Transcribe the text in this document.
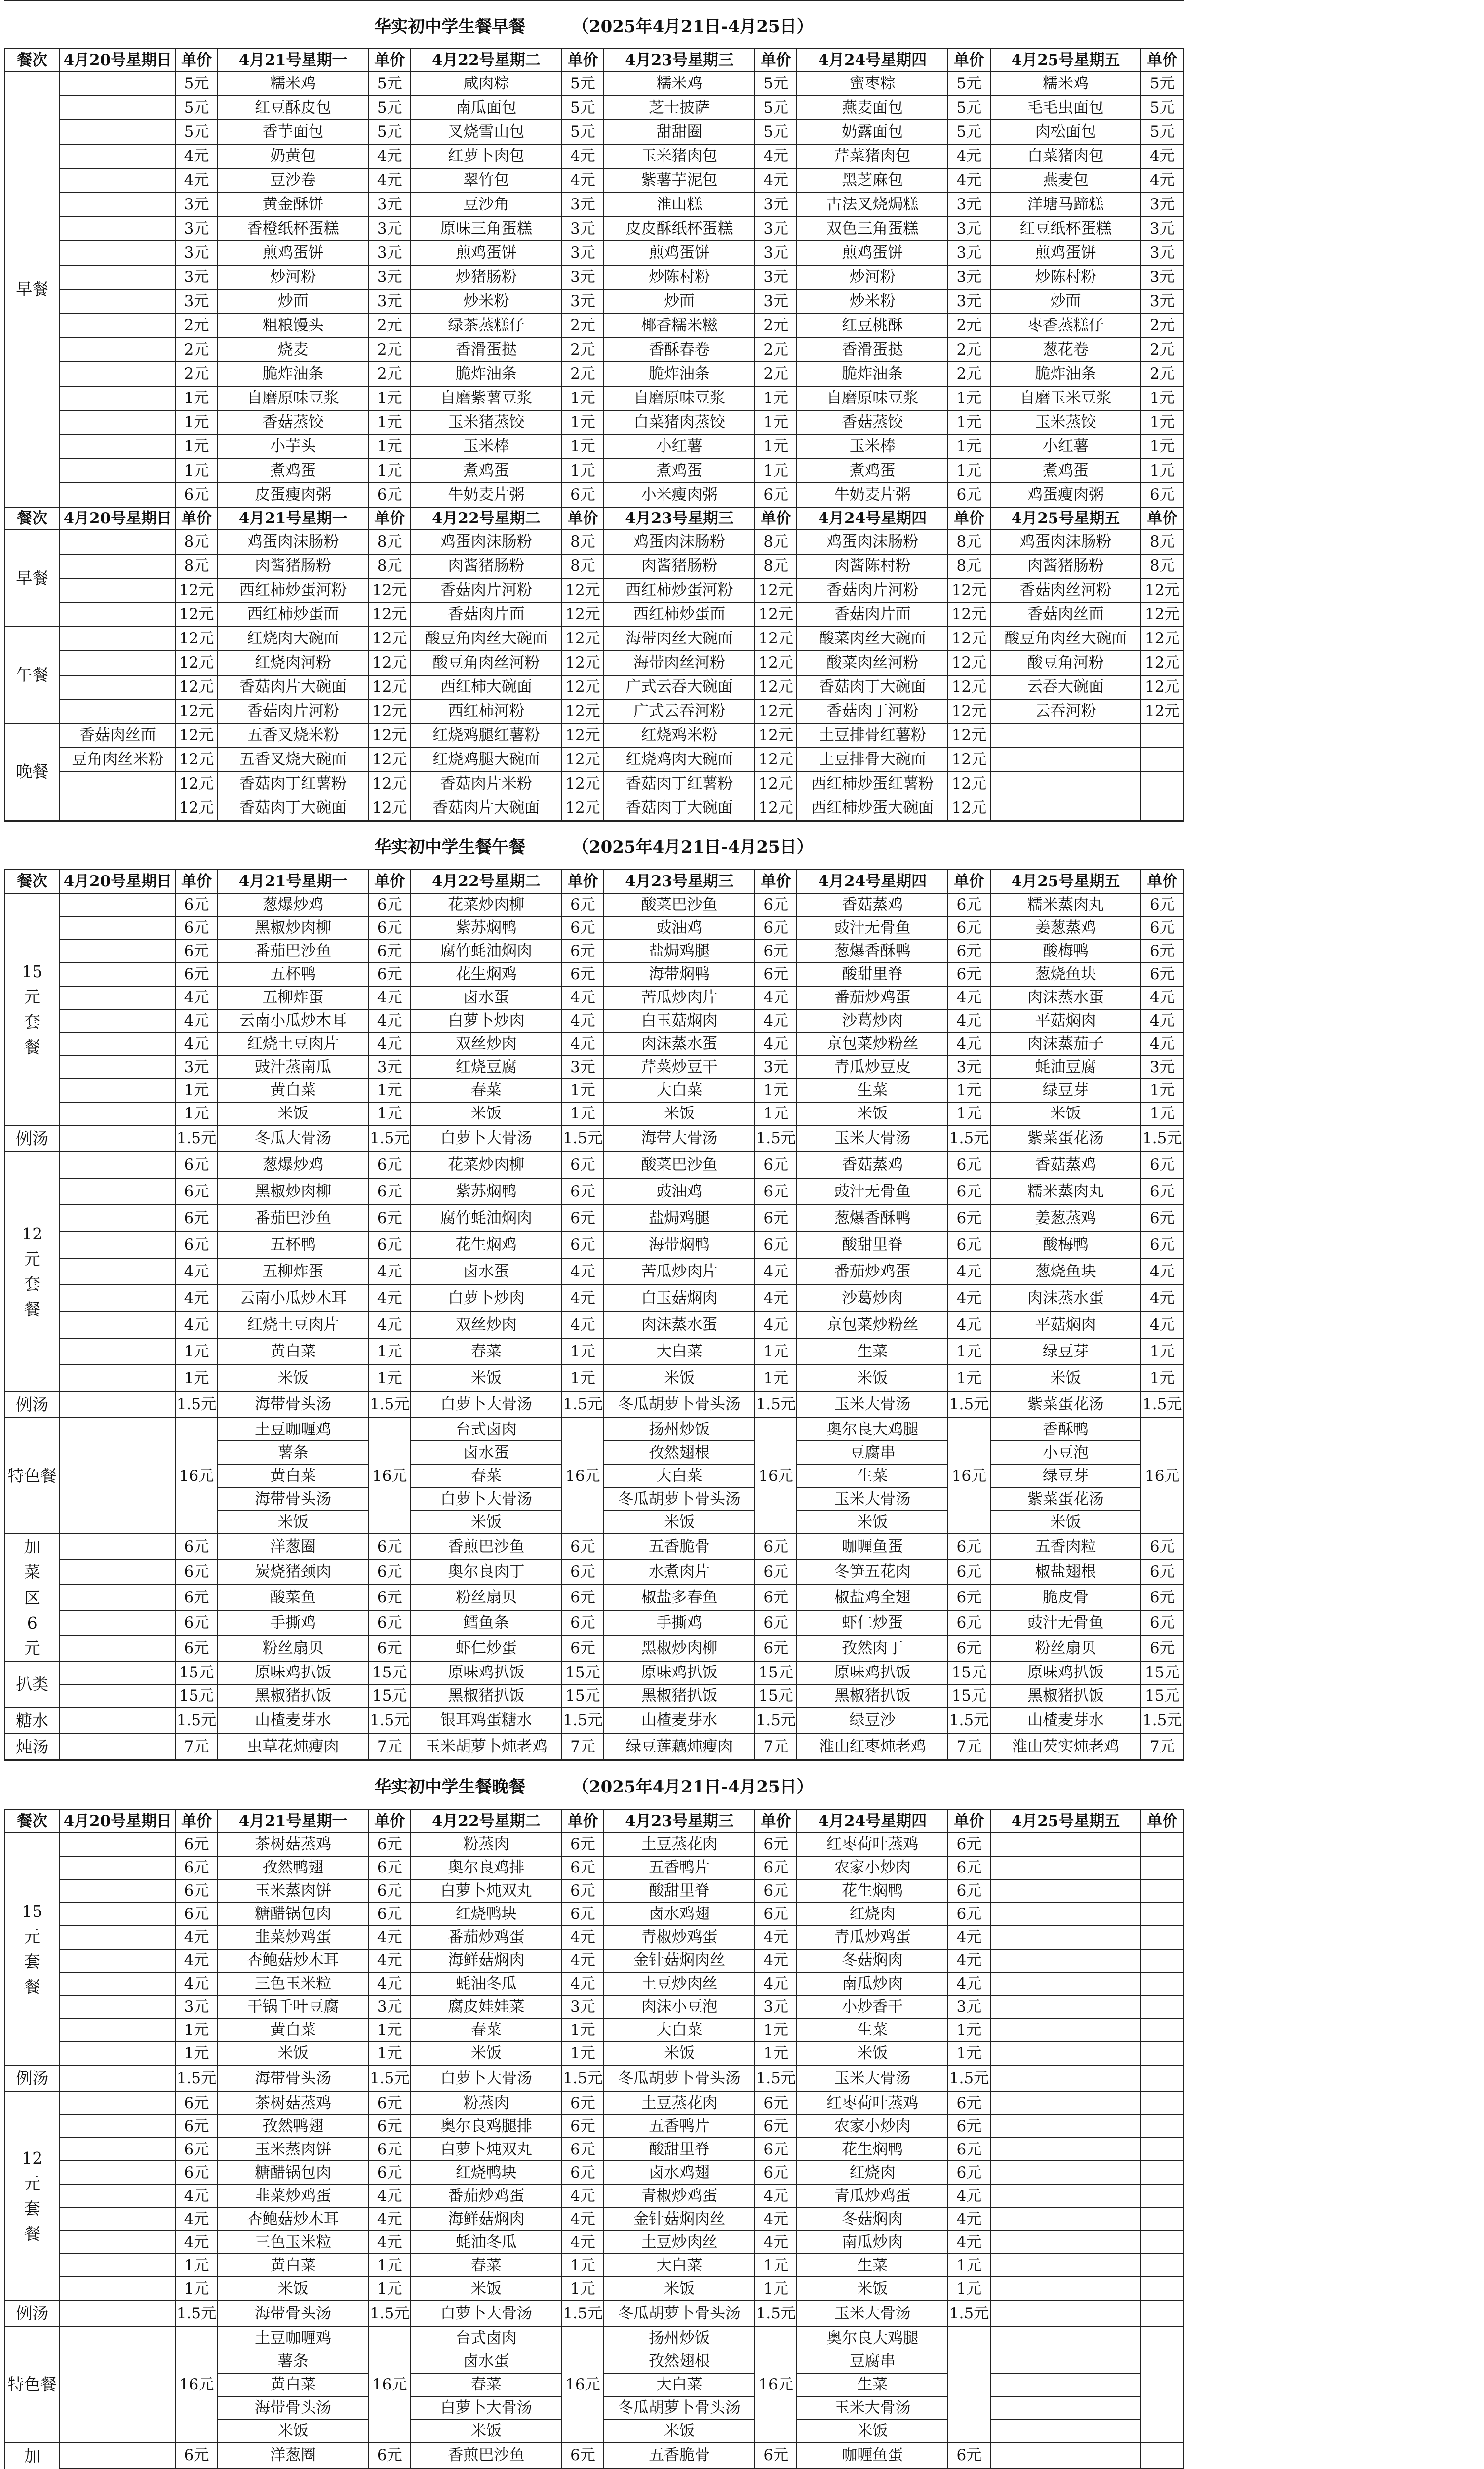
华实初中学生餐早餐        （2025年4月21日-4月25日）
餐次	4月20号星期日	单价	4月21号星期一	单价	4月22号星期二	单价	4月23号星期三	单价	4月24号星期四	单价	4月25号星期五	单价
早餐		5元	糯米鸡	5元	咸肉粽	5元	糯米鸡	5元	蜜枣粽	5元	糯米鸡	5元
		5元	红豆酥皮包	5元	南瓜面包	5元	芝士披萨	5元	燕麦面包	5元	毛毛虫面包	5元
		5元	香芋面包	5元	叉烧雪山包	5元	甜甜圈	5元	奶露面包	5元	肉松面包	5元
		4元	奶黄包	4元	红萝卜肉包	4元	玉米猪肉包	4元	芹菜猪肉包	4元	白菜猪肉包	4元
		4元	豆沙卷	4元	翠竹包	4元	紫薯芋泥包	4元	黑芝麻包	4元	燕麦包	4元
		3元	黄金酥饼	3元	豆沙角	3元	淮山糕	3元	古法叉烧焗糕	3元	洋塘马蹄糕	3元
		3元	香橙纸杯蛋糕	3元	原味三角蛋糕	3元	皮皮酥纸杯蛋糕	3元	双色三角蛋糕	3元	红豆纸杯蛋糕	3元
		3元	煎鸡蛋饼	3元	煎鸡蛋饼	3元	煎鸡蛋饼	3元	煎鸡蛋饼	3元	煎鸡蛋饼	3元
		3元	炒河粉	3元	炒猪肠粉	3元	炒陈村粉	3元	炒河粉	3元	炒陈村粉	3元
		3元	炒面	3元	炒米粉	3元	炒面	3元	炒米粉	3元	炒面	3元
		2元	粗粮馒头	2元	绿茶蒸糕仔	2元	椰香糯米糍	2元	红豆桃酥	2元	枣香蒸糕仔	2元
		2元	烧麦	2元	香滑蛋挞	2元	香酥春卷	2元	香滑蛋挞	2元	葱花卷	2元
		2元	脆炸油条	2元	脆炸油条	2元	脆炸油条	2元	脆炸油条	2元	脆炸油条	2元
		1元	自磨原味豆浆	1元	自磨紫薯豆浆	1元	自磨原味豆浆	1元	自磨原味豆浆	1元	自磨玉米豆浆	1元
		1元	香菇蒸饺	1元	玉米猪蒸饺	1元	白菜猪肉蒸饺	1元	香菇蒸饺	1元	玉米蒸饺	1元
		1元	小芋头	1元	玉米棒	1元	小红薯	1元	玉米棒	1元	小红薯	1元
		1元	煮鸡蛋	1元	煮鸡蛋	1元	煮鸡蛋	1元	煮鸡蛋	1元	煮鸡蛋	1元
		6元	皮蛋瘦肉粥	6元	牛奶麦片粥	6元	小米瘦肉粥	6元	牛奶麦片粥	6元	鸡蛋瘦肉粥	6元
餐次	4月20号星期日	单价	4月21号星期一	单价	4月22号星期二	单价	4月23号星期三	单价	4月24号星期四	单价	4月25号星期五	单价
早餐		8元	鸡蛋肉沫肠粉	8元	鸡蛋肉沫肠粉	8元	鸡蛋肉沫肠粉	8元	鸡蛋肉沫肠粉	8元	鸡蛋肉沫肠粉	8元
		8元	肉酱猪肠粉	8元	肉酱猪肠粉	8元	肉酱猪肠粉	8元	肉酱陈村粉	8元	肉酱猪肠粉	8元
		12元	西红柿炒蛋河粉	12元	香菇肉片河粉	12元	西红柿炒蛋河粉	12元	香菇肉片河粉	12元	香菇肉丝河粉	12元
		12元	西红柿炒蛋面	12元	香菇肉片面	12元	西红柿炒蛋面	12元	香菇肉片面	12元	香菇肉丝面	12元
午餐		12元	红烧肉大碗面	12元	酸豆角肉丝大碗面	12元	海带肉丝大碗面	12元	酸菜肉丝大碗面	12元	酸豆角肉丝大碗面	12元
		12元	红烧肉河粉	12元	酸豆角肉丝河粉	12元	海带肉丝河粉	12元	酸菜肉丝河粉	12元	酸豆角河粉	12元
		12元	香菇肉片大碗面	12元	西红柿大碗面	12元	广式云吞大碗面	12元	香菇肉丁大碗面	12元	云吞大碗面	12元
		12元	香菇肉片河粉	12元	西红柿河粉	12元	广式云吞河粉	12元	香菇肉丁河粉	12元	云吞河粉	12元
晚餐	香菇肉丝面	12元	五香叉烧米粉	12元	红烧鸡腿红薯粉	12元	红烧鸡米粉	12元	土豆排骨红薯粉	12元		
	豆角肉丝米粉	12元	五香叉烧大碗面	12元	红烧鸡腿大碗面	12元	红烧鸡肉大碗面	12元	土豆排骨大碗面	12元		
		12元	香菇肉丁红薯粉	12元	香菇肉片米粉	12元	香菇肉丁红薯粉	12元	西红柿炒蛋红薯粉	12元		
		12元	香菇肉丁大碗面	12元	香菇肉片大碗面	12元	香菇肉丁大碗面	12元	西红柿炒蛋大碗面	12元		
华实初中学生餐午餐        （2025年4月21日-4月25日）
餐次	4月20号星期日	单价	4月21号星期一	单价	4月22号星期二	单价	4月23号星期三	单价	4月24号星期四	单价	4月25号星期五	单价
15元套餐		6元	葱爆炒鸡	6元	花菜炒肉柳	6元	酸菜巴沙鱼	6元	香菇蒸鸡	6元	糯米蒸肉丸	6元
		6元	黑椒炒肉柳	6元	紫苏焖鸭	6元	豉油鸡	6元	豉汁无骨鱼	6元	姜葱蒸鸡	6元
		6元	番茄巴沙鱼	6元	腐竹蚝油焖肉	6元	盐焗鸡腿	6元	葱爆香酥鸭	6元	酸梅鸭	6元
		6元	五杯鸭	6元	花生焖鸡	6元	海带焖鸭	6元	酸甜里脊	6元	葱烧鱼块	6元
		4元	五柳炸蛋	4元	卤水蛋	4元	苦瓜炒肉片	4元	番茄炒鸡蛋	4元	肉沫蒸水蛋	4元
		4元	云南小瓜炒木耳	4元	白萝卜炒肉	4元	白玉菇焖肉	4元	沙葛炒肉	4元	平菇焖肉	4元
		4元	红烧土豆肉片	4元	双丝炒肉	4元	肉沫蒸水蛋	4元	京包菜炒粉丝	4元	肉沫蒸茄子	4元
		3元	豉汁蒸南瓜	3元	红烧豆腐	3元	芹菜炒豆干	3元	青瓜炒豆皮	3元	蚝油豆腐	3元
		1元	黄白菜	1元	春菜	1元	大白菜	1元	生菜	1元	绿豆芽	1元
		1元	米饭	1元	米饭	1元	米饭	1元	米饭	1元	米饭	1元
例汤		1.5元	冬瓜大骨汤	1.5元	白萝卜大骨汤	1.5元	海带大骨汤	1.5元	玉米大骨汤	1.5元	紫菜蛋花汤	1.5元
12元套餐		6元	葱爆炒鸡	6元	花菜炒肉柳	6元	酸菜巴沙鱼	6元	香菇蒸鸡	6元	香菇蒸鸡	6元
		6元	黑椒炒肉柳	6元	紫苏焖鸭	6元	豉油鸡	6元	豉汁无骨鱼	6元	糯米蒸肉丸	6元
		6元	番茄巴沙鱼	6元	腐竹蚝油焖肉	6元	盐焗鸡腿	6元	葱爆香酥鸭	6元	姜葱蒸鸡	6元
		6元	五杯鸭	6元	花生焖鸡	6元	海带焖鸭	6元	酸甜里脊	6元	酸梅鸭	6元
		4元	五柳炸蛋	4元	卤水蛋	4元	苦瓜炒肉片	4元	番茄炒鸡蛋	4元	葱烧鱼块	4元
		4元	云南小瓜炒木耳	4元	白萝卜炒肉	4元	白玉菇焖肉	4元	沙葛炒肉	4元	肉沫蒸水蛋	4元
		4元	红烧土豆肉片	4元	双丝炒肉	4元	肉沫蒸水蛋	4元	京包菜炒粉丝	4元	平菇焖肉	4元
		1元	黄白菜	1元	春菜	1元	大白菜	1元	生菜	1元	绿豆芽	1元
		1元	米饭	1元	米饭	1元	米饭	1元	米饭	1元	米饭	1元
例汤		1.5元	海带骨头汤	1.5元	白萝卜大骨汤	1.5元	冬瓜胡萝卜骨头汤	1.5元	玉米大骨汤	1.5元	紫菜蛋花汤	1.5元
特色餐		16元	土豆咖喱鸡	16元	台式卤肉	16元	扬州炒饭	16元	奥尔良大鸡腿	16元	香酥鸭	16元
			薯条		卤水蛋		孜然翅根		豆腐串		小豆泡	
			黄白菜		春菜		大白菜		生菜		绿豆芽	
			海带骨头汤		白萝卜大骨汤		冬瓜胡萝卜骨头汤		玉米大骨汤		紫菜蛋花汤	
			米饭		米饭		米饭		米饭		米饭	
加菜区6元		6元	洋葱圈	6元	香煎巴沙鱼	6元	五香脆骨	6元	咖喱鱼蛋	6元	五香肉粒	6元
		6元	炭烧猪颈肉	6元	奥尔良肉丁	6元	水煮肉片	6元	冬笋五花肉	6元	椒盐翅根	6元
		6元	酸菜鱼	6元	粉丝扇贝	6元	椒盐多春鱼	6元	椒盐鸡全翅	6元	脆皮骨	6元
		6元	手撕鸡	6元	鳕鱼条	6元	手撕鸡	6元	虾仁炒蛋	6元	豉汁无骨鱼	6元
		6元	粉丝扇贝	6元	虾仁炒蛋	6元	黑椒炒肉柳	6元	孜然肉丁	6元	粉丝扇贝	6元
扒类		15元	原味鸡扒饭	15元	原味鸡扒饭	15元	原味鸡扒饭	15元	原味鸡扒饭	15元	原味鸡扒饭	15元
		15元	黑椒猪扒饭	15元	黑椒猪扒饭	15元	黑椒猪扒饭	15元	黑椒猪扒饭	15元	黑椒猪扒饭	15元
糖水		1.5元	山楂麦芽水	1.5元	银耳鸡蛋糖水	1.5元	山楂麦芽水	1.5元	绿豆沙	1.5元	山楂麦芽水	1.5元
炖汤		7元	虫草花炖瘦肉	7元	玉米胡萝卜炖老鸡	7元	绿豆莲藕炖瘦肉	7元	淮山红枣炖老鸡	7元	淮山芡实炖老鸡	7元
华实初中学生餐晚餐        （2025年4月21日-4月25日）
餐次	4月20号星期日	单价	4月21号星期一	单价	4月22号星期二	单价	4月23号星期三	单价	4月24号星期四	单价	4月25号星期五	单价
15元套餐		6元	茶树菇蒸鸡	6元	粉蒸肉	6元	土豆蒸花肉	6元	红枣荷叶蒸鸡	6元		
		6元	孜然鸭翅	6元	奥尔良鸡排	6元	五香鸭片	6元	农家小炒肉	6元		
		6元	玉米蒸肉饼	6元	白萝卜炖双丸	6元	酸甜里脊	6元	花生焖鸭	6元		
		6元	糖醋锅包肉	6元	红烧鸭块	6元	卤水鸡翅	6元	红烧肉	6元		
		4元	韭菜炒鸡蛋	4元	番茄炒鸡蛋	4元	青椒炒鸡蛋	4元	青瓜炒鸡蛋	4元		
		4元	杏鲍菇炒木耳	4元	海鲜菇焖肉	4元	金针菇焖肉丝	4元	冬菇焖肉	4元		
		4元	三色玉米粒	4元	蚝油冬瓜	4元	土豆炒肉丝	4元	南瓜炒肉	4元		
		3元	干锅千叶豆腐	3元	腐皮娃娃菜	3元	肉沫小豆泡	3元	小炒香干	3元		
		1元	黄白菜	1元	春菜	1元	大白菜	1元	生菜	1元		
		1元	米饭	1元	米饭	1元	米饭	1元	米饭	1元		
例汤		1.5元	海带骨头汤	1.5元	白萝卜大骨汤	1.5元	冬瓜胡萝卜骨头汤	1.5元	玉米大骨汤	1.5元		
12元套餐		6元	茶树菇蒸鸡	6元	粉蒸肉	6元	土豆蒸花肉	6元	红枣荷叶蒸鸡	6元		
		6元	孜然鸭翅	6元	奥尔良鸡腿排	6元	五香鸭片	6元	农家小炒肉	6元		
		6元	玉米蒸肉饼	6元	白萝卜炖双丸	6元	酸甜里脊	6元	花生焖鸭	6元		
		6元	糖醋锅包肉	6元	红烧鸭块	6元	卤水鸡翅	6元	红烧肉	6元		
		4元	韭菜炒鸡蛋	4元	番茄炒鸡蛋	4元	青椒炒鸡蛋	4元	青瓜炒鸡蛋	4元		
		4元	杏鲍菇炒木耳	4元	海鲜菇焖肉	4元	金针菇焖肉丝	4元	冬菇焖肉	4元		
		4元	三色玉米粒	4元	蚝油冬瓜	4元	土豆炒肉丝	4元	南瓜炒肉	4元		
		1元	黄白菜	1元	春菜	1元	大白菜	1元	生菜	1元		
		1元	米饭	1元	米饭	1元	米饭	1元	米饭	1元		
例汤		1.5元	海带骨头汤	1.5元	白萝卜大骨汤	1.5元	冬瓜胡萝卜骨头汤	1.5元	玉米大骨汤	1.5元		
特色餐		16元	土豆咖喱鸡	16元	台式卤肉	16元	扬州炒饭	16元	奥尔良大鸡腿			
			薯条		卤水蛋		孜然翅根		豆腐串			
			黄白菜		春菜		大白菜		生菜			
			海带骨头汤		白萝卜大骨汤		冬瓜胡萝卜骨头汤		玉米大骨汤			
			米饭		米饭		米饭		米饭			
加		6元	洋葱圈	6元	香煎巴沙鱼	6元	五香脆骨	6元	咖喱鱼蛋	6元		
